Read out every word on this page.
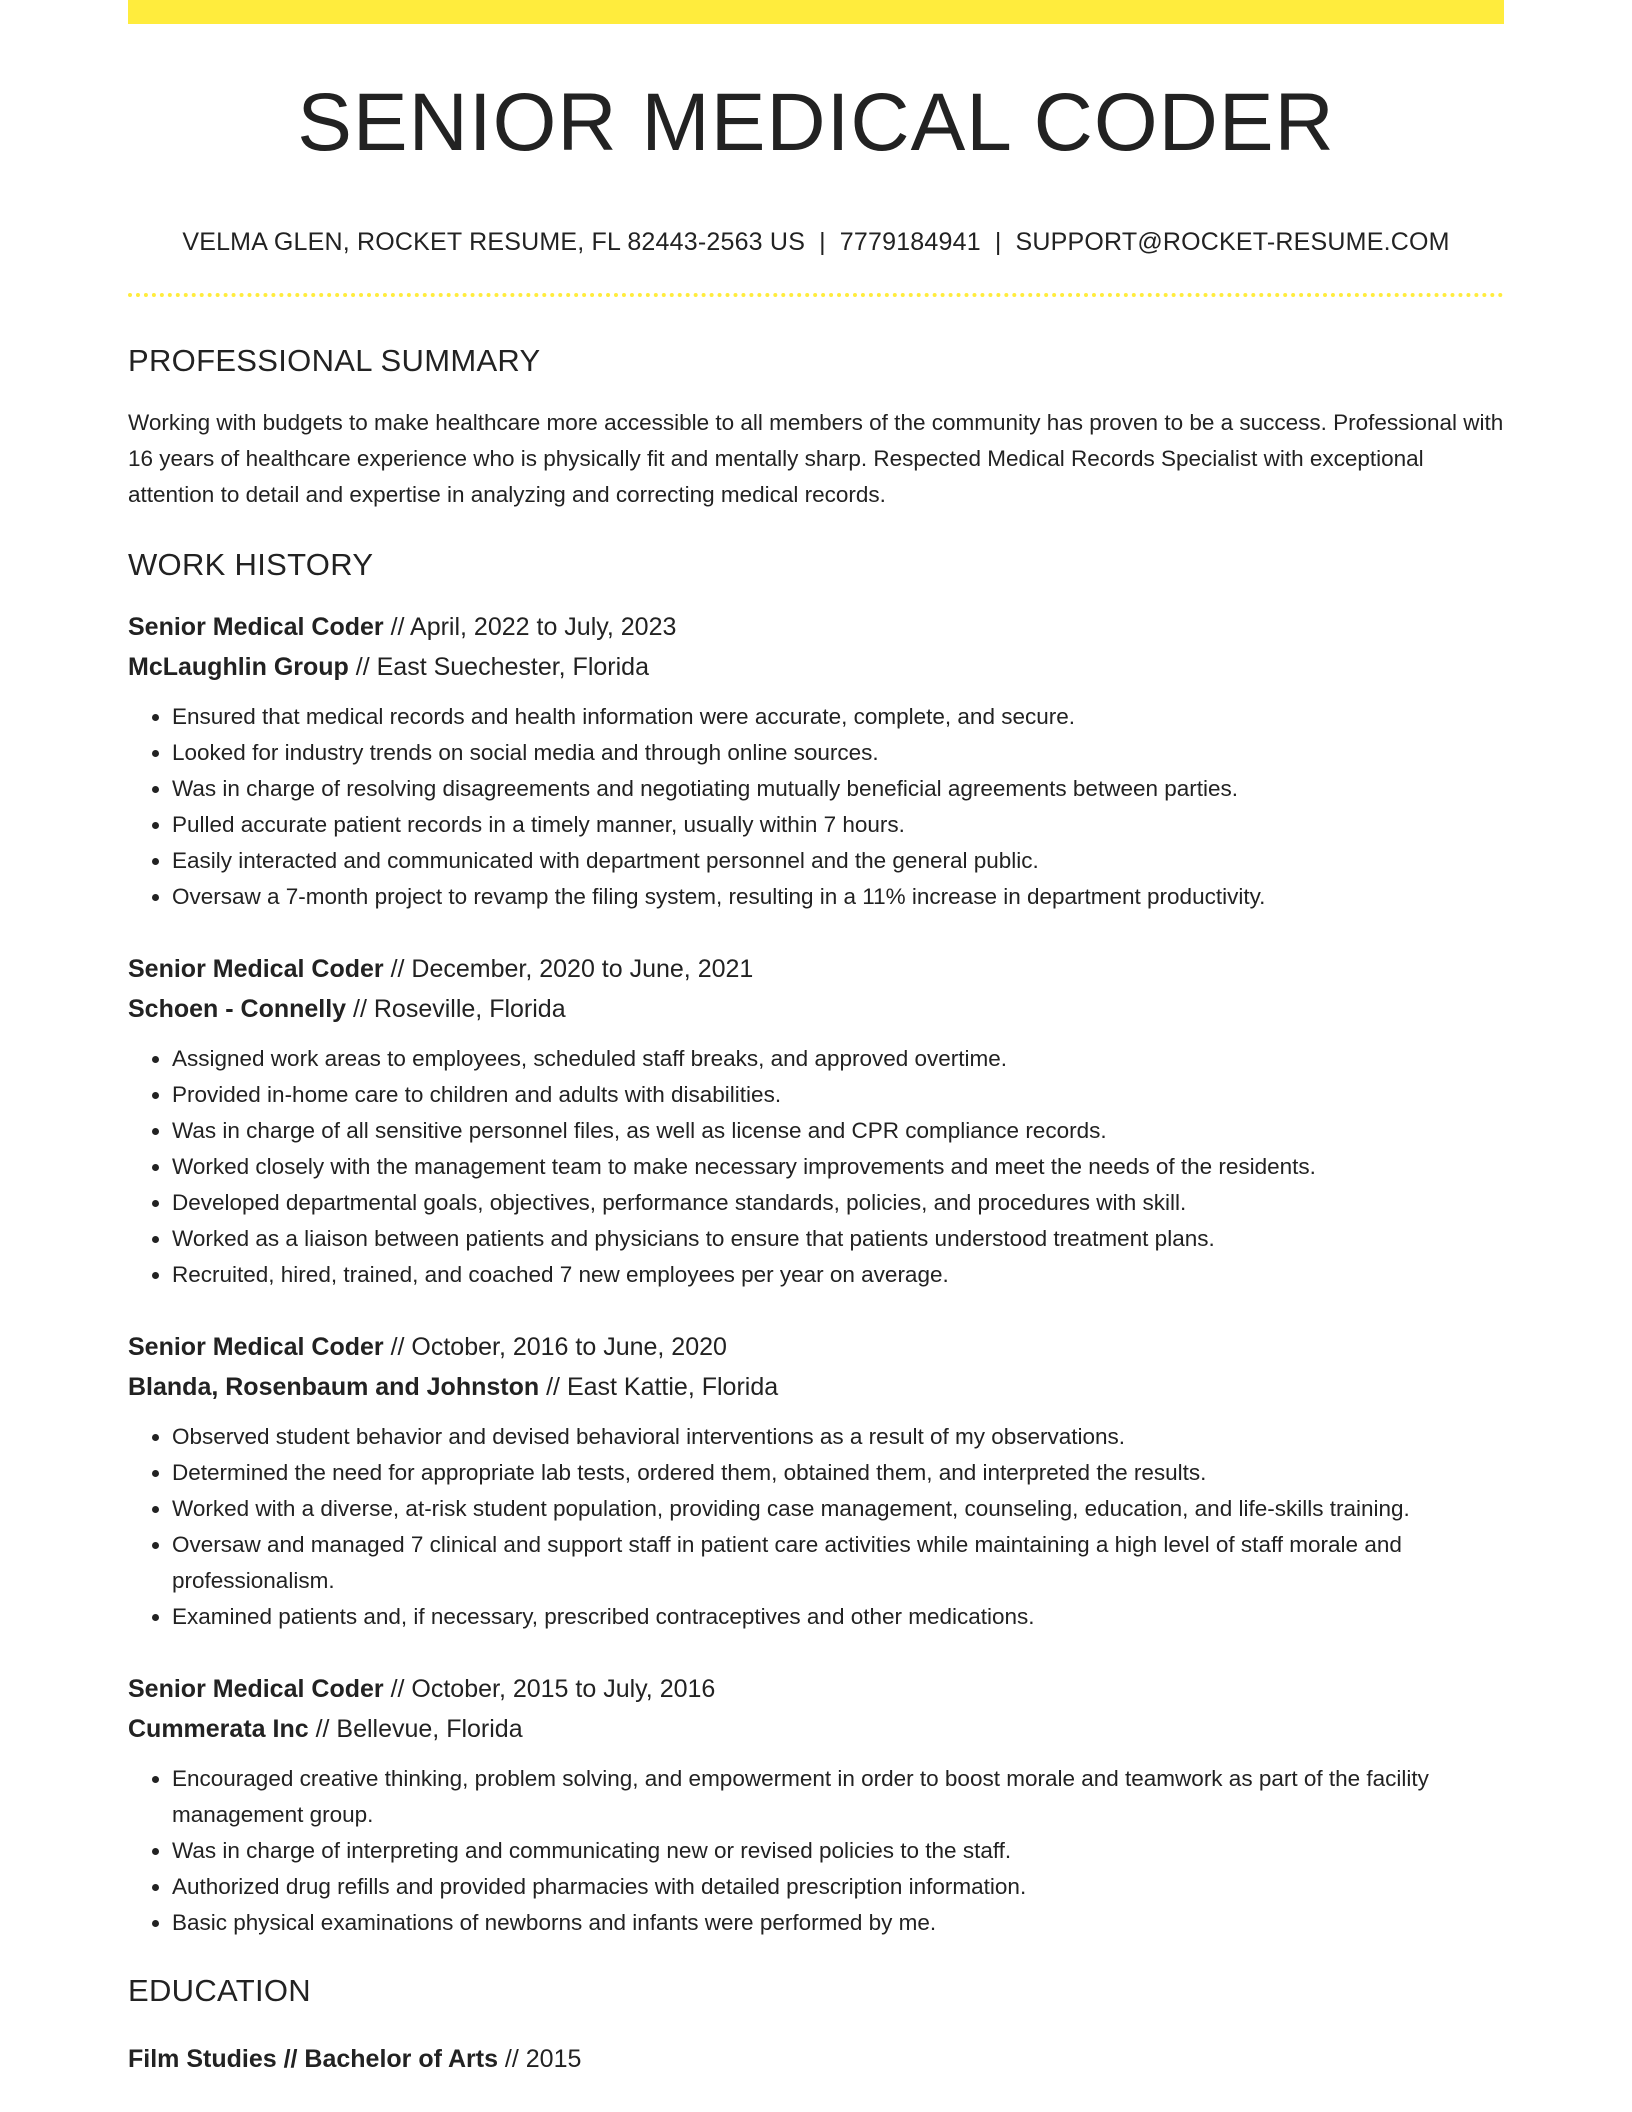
SENIOR MEDICAL CODER
VELMA GLEN, ROCKET RESUME, FL 82443-2563 US | 7779184941 | SUPPORT@ROCKET-RESUME.COM
PROFESSIONAL SUMMARY
Working with budgets to make healthcare more accessible to all members of the community has proven to be a success. Professional with 16 years of healthcare experience who is physically fit and mentally sharp. Respected Medical Records Specialist with exceptional attention to detail and expertise in analyzing and correcting medical records.
WORK HISTORY
Senior Medical Coder // April, 2022 to July, 2023
McLaughlin Group // East Suechester, Florida
• Ensured that medical records and health information were accurate, complete, and secure.
• Looked for industry trends on social media and through online sources.
• Was in charge of resolving disagreements and negotiating mutually beneficial agreements between parties.
• Pulled accurate patient records in a timely manner, usually within 7 hours.
• Easily interacted and communicated with department personnel and the general public.
• Oversaw a 7-month project to revamp the filing system, resulting in a 11% increase in department productivity.
Senior Medical Coder // December, 2020 to June, 2021
Schoen - Connelly // Roseville, Florida
• Assigned work areas to employees, scheduled staff breaks, and approved overtime.
• Provided in-home care to children and adults with disabilities.
• Was in charge of all sensitive personnel files, as well as license and CPR compliance records.
• Worked closely with the management team to make necessary improvements and meet the needs of the residents.
• Developed departmental goals, objectives, performance standards, policies, and procedures with skill.
• Worked as a liaison between patients and physicians to ensure that patients understood treatment plans.
• Recruited, hired, trained, and coached 7 new employees per year on average.
Senior Medical Coder // October, 2016 to June, 2020
Blanda, Rosenbaum and Johnston // East Kattie, Florida
• Observed student behavior and devised behavioral interventions as a result of my observations.
• Determined the need for appropriate lab tests, ordered them, obtained them, and interpreted the results.
• Worked with a diverse, at-risk student population, providing case management, counseling, education, and life-skills training.
• Oversaw and managed 7 clinical and support staff in patient care activities while maintaining a high level of staff morale and professionalism.
• Examined patients and, if necessary, prescribed contraceptives and other medications.
Senior Medical Coder // October, 2015 to July, 2016
Cummerata Inc // Bellevue, Florida
• Encouraged creative thinking, problem solving, and empowerment in order to boost morale and teamwork as part of the facility management group.
• Was in charge of interpreting and communicating new or revised policies to the staff.
• Authorized drug refills and provided pharmacies with detailed prescription information.
• Basic physical examinations of newborns and infants were performed by me.
EDUCATION
Film Studies // Bachelor of Arts // 2015
